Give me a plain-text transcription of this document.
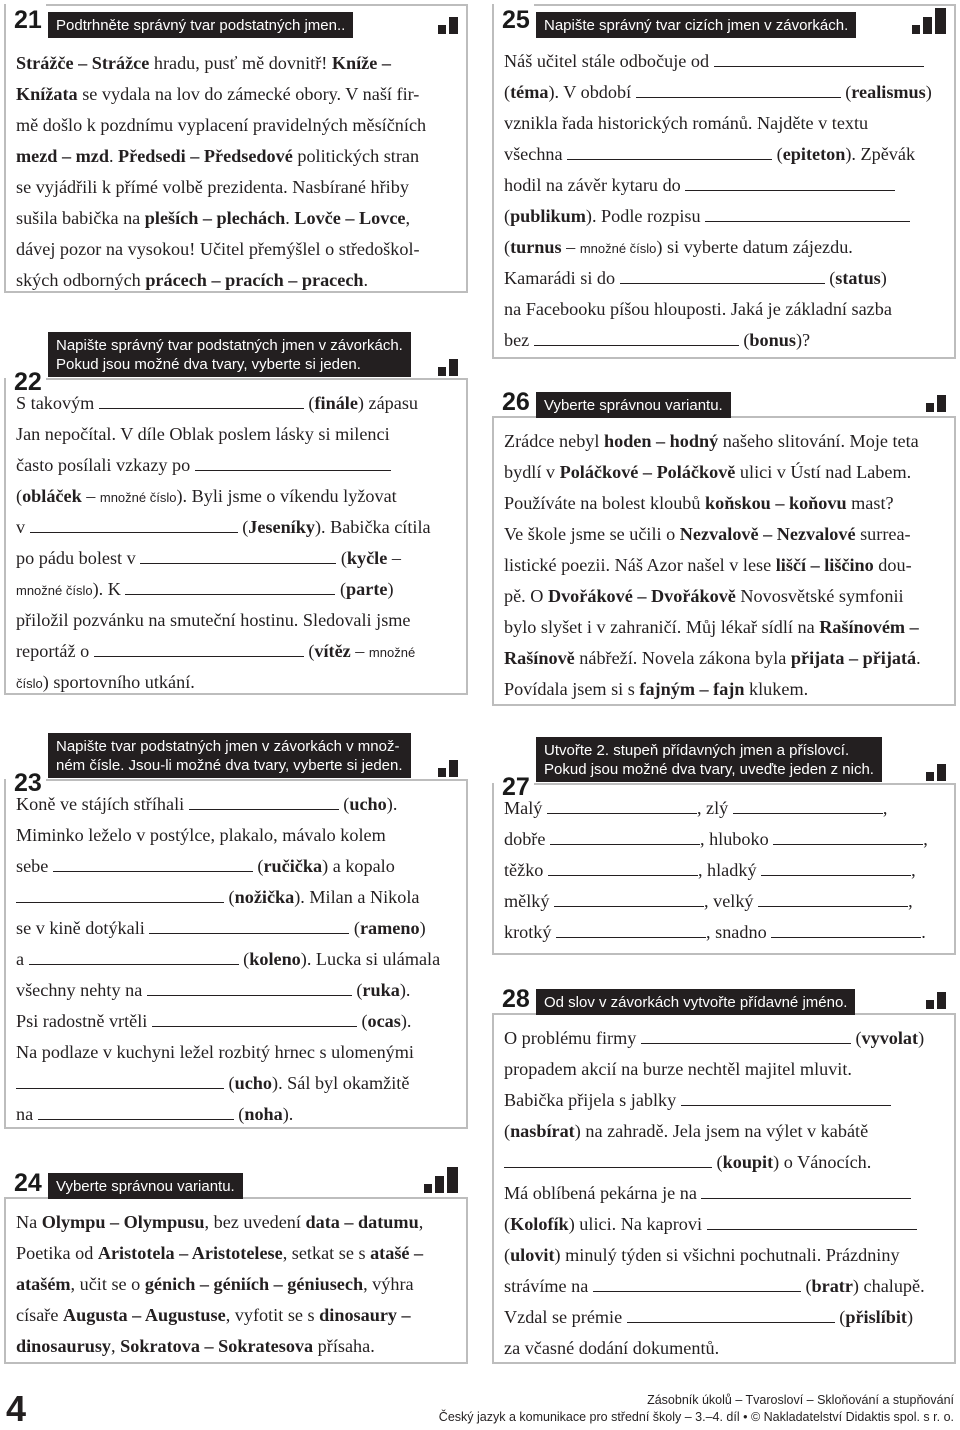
21 Podtrhněte správný tvar podstatných jmen..
Strážče – Strážce hradu, pusť mě dovnitř! Kníže –
Knížata se vydala na lov do zámecké obory. V naší fir-
mě došlo k pozdnímu vyplacení pravidelných měsíčních
mezd – mzd. Předsedi – Předsedové politických stran
se vyjádřili k přímé volbě prezidenta. Nasbírané hřiby
sušila babička na pleších – plechách. Lovče – Lovce,
dávej pozor na vysokou! Učitel přemýšlel o středoškol-
ských odborných prácech – pracích – pracech.
22
Napište správný tvar podstatných jmen v závorkách.
Pokud jsou možné dva tvary, vyberte si jeden.
S takovým	(finále) zápasu
Jan nepočítal. V díle Oblak poslem lásky si milenci
často posílali vzkazy po
(obláček – množné číslo). Byli jsme o víkendu lyžovat
v	(Jeseníky). Babička cítila
po pádu bolest v	(kyčle –
množné číslo). K	(parte)
přiložil pozvánku na smuteční hostinu. Sledovali jsme
reportáž o	(vítěz – množné
číslo) sportovního utkání.
23
Napište tvar podstatných jmen v závorkách v množ-
ném čísle. Jsou-li možné dva tvary, vyberte si jeden.
Koně ve stájích stříhali	(ucho).
Miminko leželo v postýlce, plakalo, mávalo kolem
sebe	(ručička) a kopalo
(nožička). Milan a Nikola
se v kině dotýkali	(rameno)
a	(koleno). Lucka si ulámala
všechny nehty na	(ruka).
Psi radostně vrtěli	(ocas).
Na podlaze v kuchyni ležel rozbitý hrnec s ulomenými
(ucho). Sál byl okamžitě
na	(noha).
24 Vyberte správnou variantu.
Na Olympu – Olympusu, bez uvedení data – datumu,
Poetika od Aristotela – Aristotelese, setkat se s atašé –
atašém, učit se o génich – géniích – géniusech, výhra
císaře Augusta – Augustuse, vyfotit se s dinosaury –
dinosaurusy, Sokratova – Sokratesova přísaha.
25 Napište správný tvar cizích jmen v závorkách.
Náš učitel stále odbočuje od
(téma). V období	(realismus)
vznikla řada historických románů. Najděte v textu
všechna	(epiteton). Zpěvák
hodil na závěr kytaru do
(publikum). Podle rozpisu
(turnus – množné číslo) si vyberte datum zájezdu.
Kamarádi si do	(status)
na Facebooku píšou hlouposti. Jaká je základní sazba
bez	(bonus)?
26 Vyberte správnou variantu.
Zrádce nebyl hoden – hodný našeho slitování. Moje teta
bydlí v Poláčkové – Poláčkově ulici v Ústí nad Labem.
Používáte na bolest kloubů koňskou – koňovu mast?
Ve škole jsme se učili o Nezvalově – Nezvalové surrea-
listické poezii. Náš Azor našel v lese liščí – liščino dou-
pě. O Dvořákové – Dvořákově Novosvětské symfonii
bylo slyšet i v zahraničí. Můj lékař sídlí na Rašínovém –
Rašínově nábřeží. Novela zákona byla přijata – přijatá.
Povídala jsem si s fajným – fajn klukem.
27
Utvořte 2. stupeň přídavných jmen a příslovcí.
Pokud jsou možné dva tvary, uveďte jeden z nich.
Malý	, zlý	,
dobře	, hluboko	,
těžko	, hladký	,
mělký	, velký	,
krotký	, snadno	.
28 Od slov v závorkách vytvořte přídavné jméno.
O problému firmy	(vyvolat)
propadem akcií na burze nechtěl majitel mluvit.
Babička přijela s jablky
(nasbírat) na zahradě. Jela jsem na výlet v kabátě
(koupit) o Vánocích.
Má oblíbená pekárna je na
(Kolofík) ulici. Na kaprovi
(ulovit) minulý týden si všichni pochutnali. Prázdniny
strávíme na	(bratr) chalupě.
Vzdal se prémie	(přislíbit)
za včasné dodání dokumentů.
4	Zásobník úkolů – Tvarosloví – Skloňování a stupňování
Český jazyk a komunikace pro střední školy – 3.–4. díl • © Nakladatelství Didaktis spol. s r. o.
